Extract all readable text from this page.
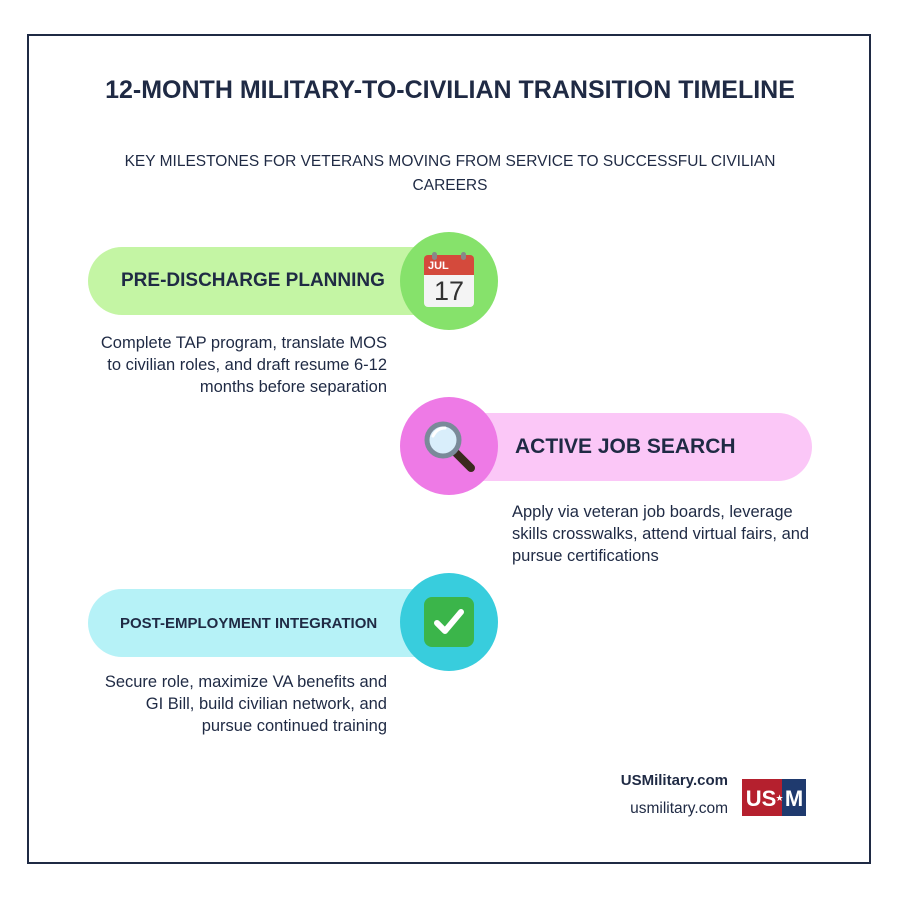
12-MONTH MILITARY-TO-CIVILIAN TRANSITION TIMELINE
KEY MILESTONES FOR VETERANS MOVING FROM SERVICE TO SUCCESSFUL CIVILIAN CAREERS
PRE-DISCHARGE PLANNING
JUL
17
Complete TAP program, translate MOS to civilian roles, and draft resume 6-12 months before separation
ACTIVE JOB SEARCH
Apply via veteran job boards, leverage skills crosswalks, attend virtual fairs, and pursue certifications
POST-EMPLOYMENT INTEGRATION
Secure role, maximize VA benefits and GI Bill, build civilian network, and pursue continued training
USMilitary.com
usmilitary.com US ★ M
